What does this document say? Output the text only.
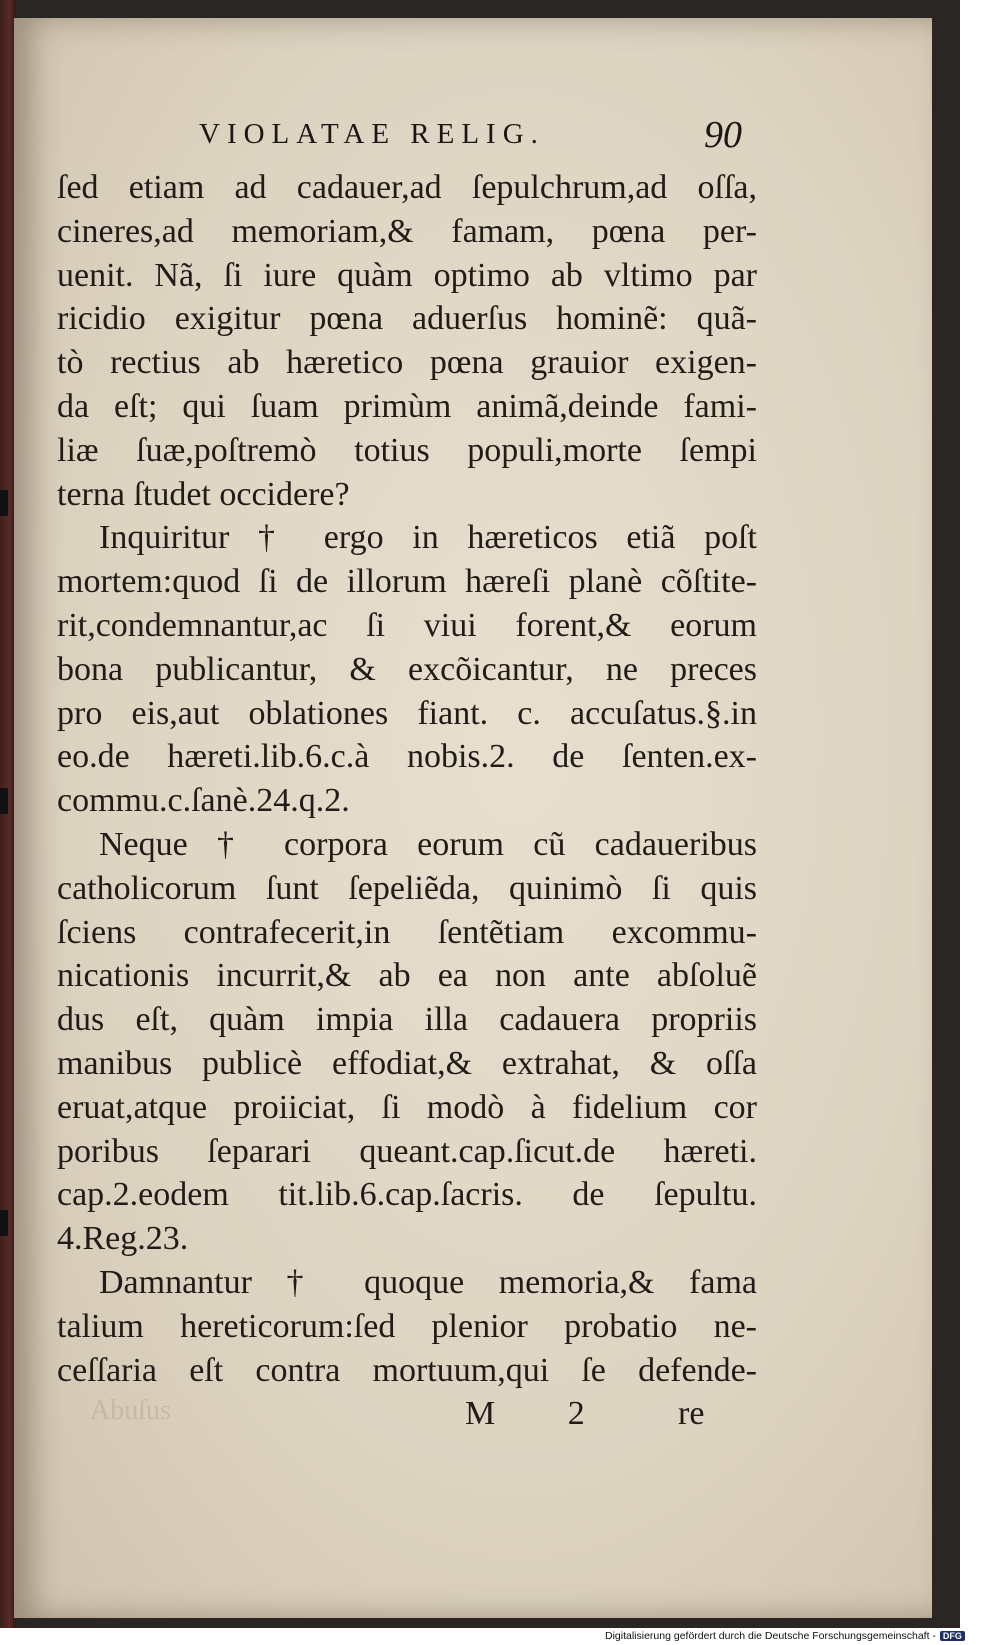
VIOLATAE RELIG.	90
ſed etiam ad cadauer,ad ſepulchrum,ad oſſa,
cineres,ad memoriam,& famam, pœna per-
uenit. Nã, ſi iure quàm optimo ab vltimo par
ricidio exigitur pœna aduerſus hominẽ: quã-
tò rectius ab hæretico pœna grauior exigen-
da eſt; qui ſuam primùm animã,deinde fami-
liæ ſuæ,poſtremò totius populi,morte ſempi
terna ſtudet occidere?
Inquiritur † ergo in hæreticos etiã poſt
mortem:quod ſi de illorum hæreſi planè cõſtite-
rit,condemnantur,ac ſi viui forent,& eorum
bona publicantur, & excõicantur, ne preces
pro eis,aut oblationes fiant. c. accuſatus.§.in
eo.de hæreti.lib.6.c.à nobis.2. de ſenten.ex-
commu.c.ſanè.24.q.2.
Neque † corpora eorum cũ cadaueribus
catholicorum ſunt ſepeliẽda, quinimò ſi quis
ſciens contrafecerit,in ſentẽtiam excommu-
nicationis incurrit,& ab ea non ante abſoluẽ
dus eſt, quàm impia illa cadauera propriis
manibus publicè effodiat,& extrahat, & oſſa
eruat,atque proiiciat, ſi modò à fidelium cor
poribus ſeparari queant.cap.ſicut.de hæreti.
cap.2.eodem tit.lib.6.cap.ſacris. de ſepultu.
4.Reg.23.
Damnantur † quoque memoria,& fama
talium hereticorum:ſed plenior probatio ne-
ceſſaria eſt contra mortuum,qui ſe defende-
Abuſus	M 2 re
Digitalisierung gefördert durch die Deutsche Forschungsgemeinschaft - DFG
